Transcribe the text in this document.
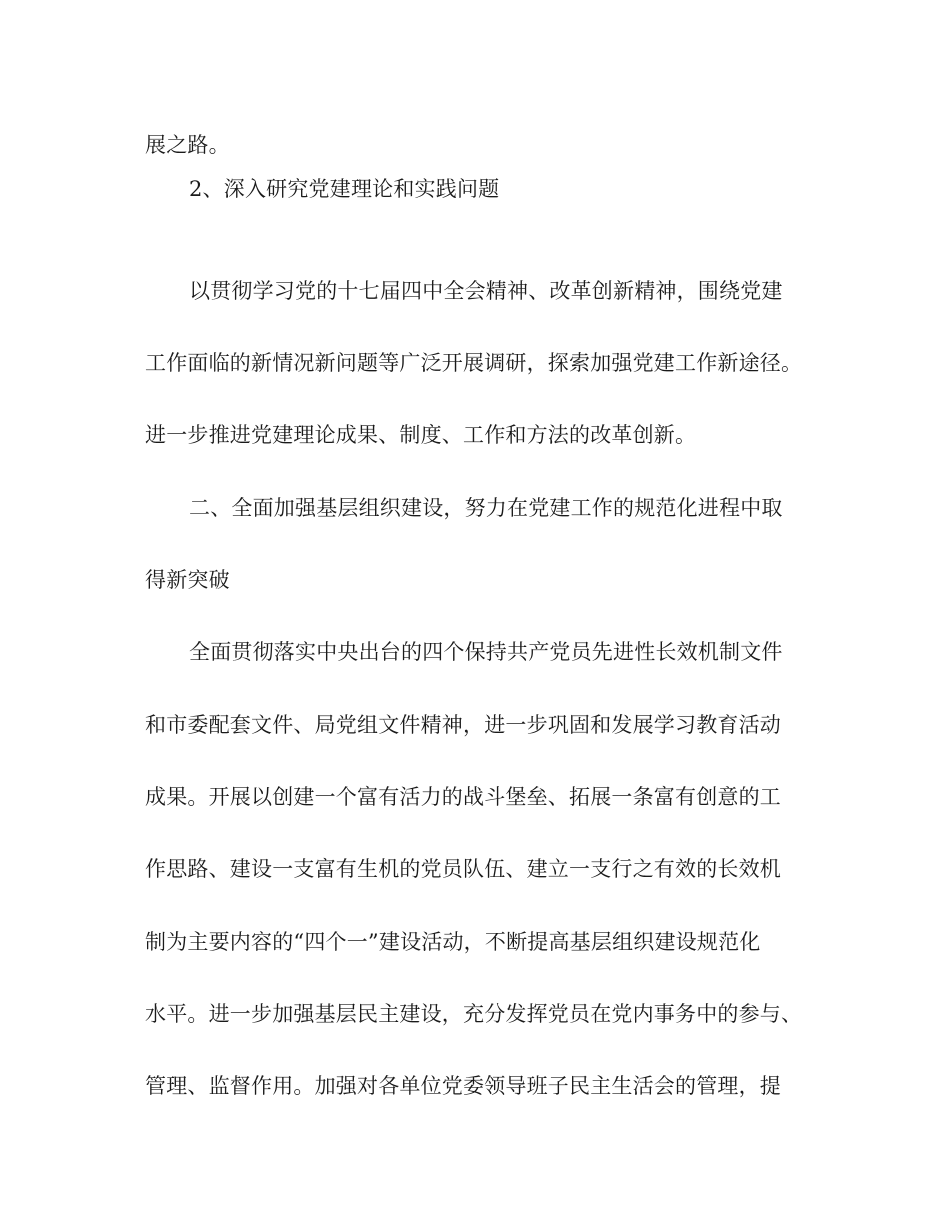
展之路。

2、深入研究党建理论和实践问题

以贯彻学习党的十七届四中全会精神、改革创新精神，围绕党建

工作面临的新情况新问题等广泛开展调研，探索加强党建工作新途径。

进一步推进党建理论成果、制度、工作和方法的改革创新。

二、全面加强基层组织建设，努力在党建工作的规范化进程中取

得新突破

全面贯彻落实中央出台的四个保持共产党员先进性长效机制文件

和市委配套文件、局党组文件精神，进一步巩固和发展学习教育活动

成果。开展以创建一个富有活力的战斗堡垒、拓展一条富有创意的工

作思路、建设一支富有生机的党员队伍、建立一支行之有效的长效机

制为主要内容的“四个一”建设活动，不断提高基层组织建设规范化

水平。进一步加强基层民主建设，充分发挥党员在党内事务中的参与、

管理、监督作用。加强对各单位党委领导班子民主生活会的管理，提
